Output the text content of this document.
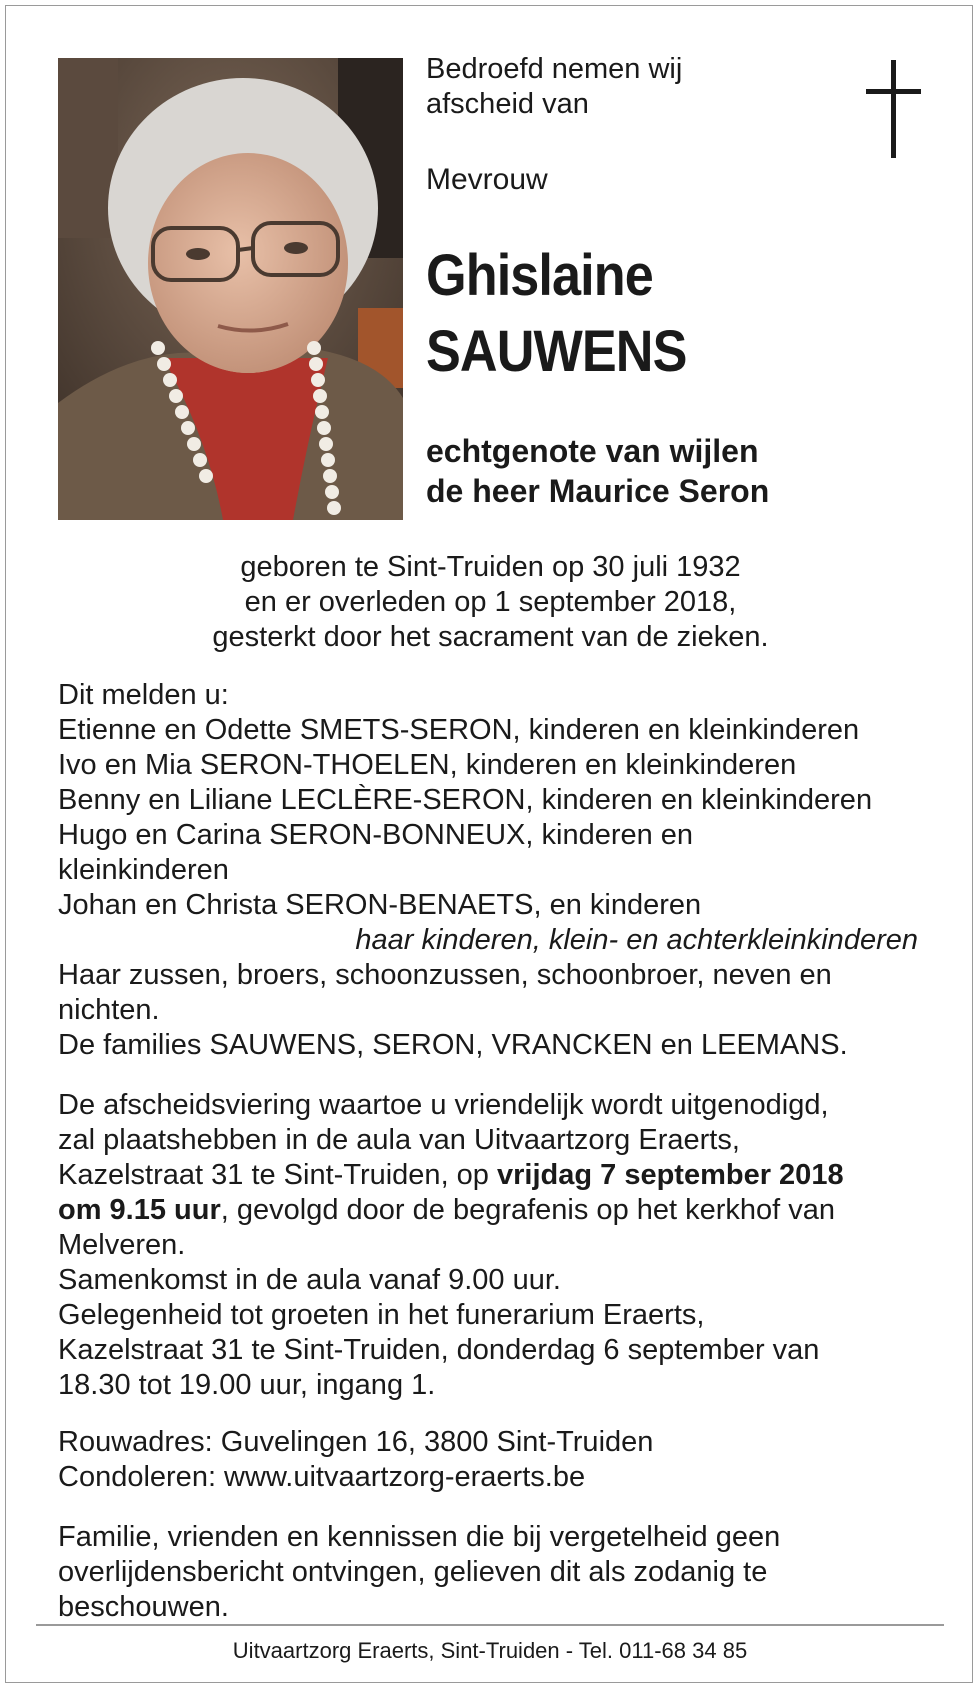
Bedroefd nemen wij
afscheid van
Mevrouw
Ghislaine
SAUWENS
echtgenote van wijlen
de heer Maurice Seron
geboren te Sint-Truiden op 30 juli 1932
en er overleden op 1 september 2018,
gesterkt door het sacrament van de zieken.
Dit melden u:
Etienne en Odette SMETS-SERON, kinderen en kleinkinderen
Ivo en Mia SERON-THOELEN, kinderen en kleinkinderen
Benny en Liliane LECLÈRE-SERON, kinderen en kleinkinderen
Hugo en Carina SERON-BONNEUX, kinderen en
kleinkinderen
Johan en Christa SERON-BENAETS, en kinderen
haar kinderen, klein- en achterkleinkinderen
Haar zussen, broers, schoonzussen, schoonbroer, neven en
nichten.
De families SAUWENS, SERON, VRANCKEN en LEEMANS.
De afscheidsviering waartoe u vriendelijk wordt uitgenodigd,
zal plaatshebben in de aula van Uitvaartzorg Eraerts,
Kazelstraat 31 te Sint-Truiden, op vrijdag 7 september 2018
om 9.15 uur, gevolgd door de begrafenis op het kerkhof van
Melveren.
Samenkomst in de aula vanaf 9.00 uur.
Gelegenheid tot groeten in het funerarium Eraerts,
Kazelstraat 31 te Sint-Truiden, donderdag 6 september van
18.30 tot 19.00 uur, ingang 1.
Rouwadres: Guvelingen 16, 3800 Sint-Truiden
Condoleren: www.uitvaartzorg-eraerts.be
Familie, vrienden en kennissen die bij vergetelheid geen
overlijdensbericht ontvingen, gelieven dit als zodanig te
beschouwen.
Uitvaartzorg Eraerts, Sint-Truiden - Tel. 011-68 34 85
